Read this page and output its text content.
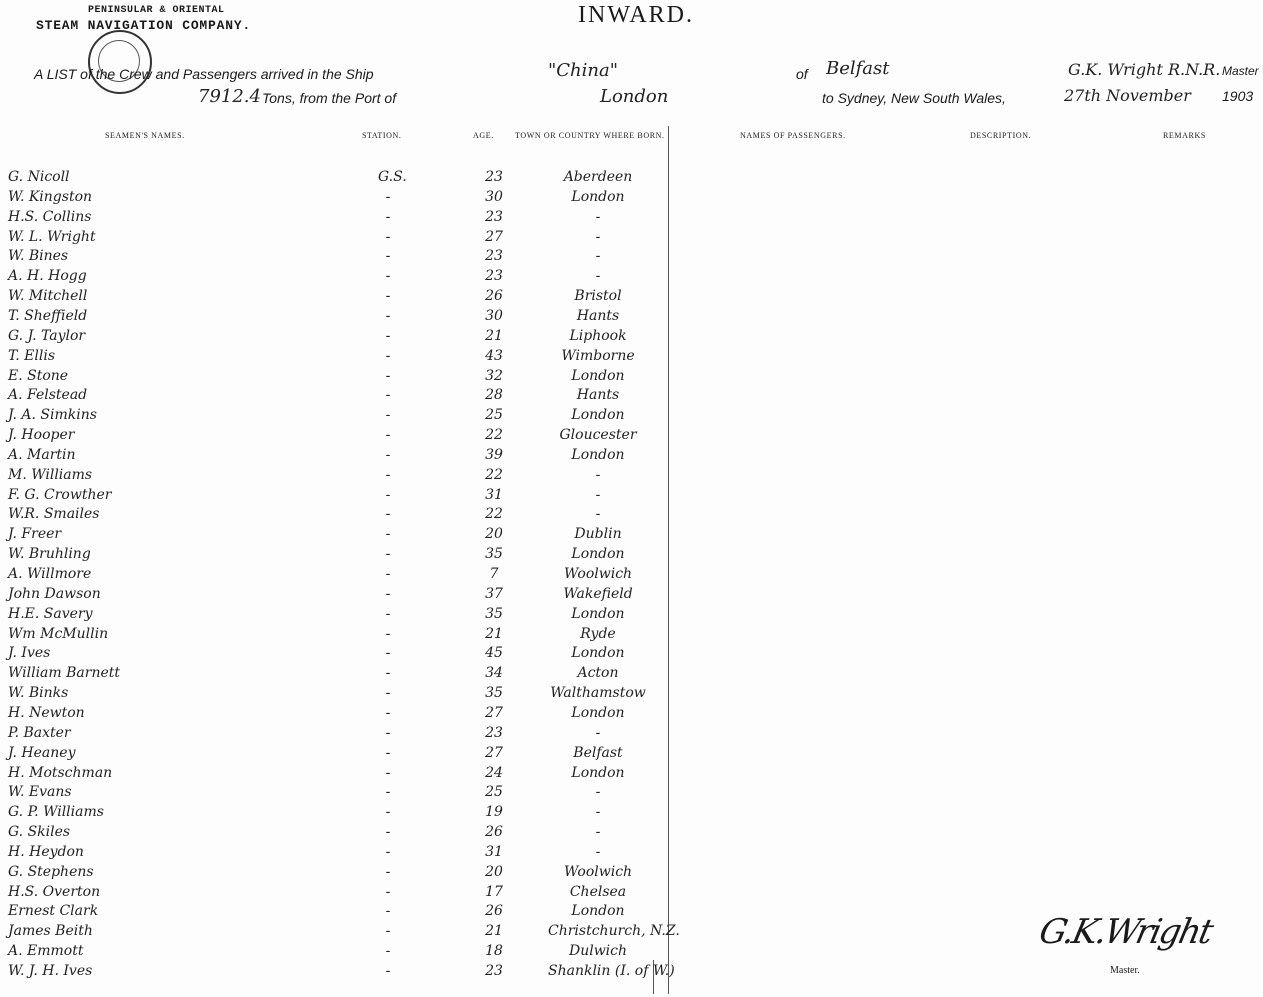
PENINSULAR & ORIENTAL
STEAM NAVIGATION COMPANY.	INWARD.
A LIST of the Crew and Passengers arrived in the Ship	"China"	of Belfast	G.K. Wright R.N.R. Master
7912.4 Tons, from the Port of	London	to Sydney, New South Wales,	27th November 1903
SEAMEN'S NAMES.	STATION.	AGE.	TOWN OR COUNTRY WHERE BORN.	NAMES OF PASSENGERS.	DESCRIPTION.	REMARKS
G. Nicoll	G.S.	23	Aberdeen
W. Kingston	-	30	London
H.S. Collins	-	23	-
W. L. Wright	-	27	-
W. Bines	-	23	-
A. H. Hogg	-	23	-
W. Mitchell	-	26	Bristol
T. Sheffield	-	30	Hants
G. J. Taylor	-	21	Liphook
T. Ellis	-	43	Wimborne
E. Stone	-	32	London
A. Felstead	-	28	Hants
J. A. Simkins	-	25	London
J. Hooper	-	22	Gloucester
A. Martin	-	39	London
M. Williams	-	22	-
F. G. Crowther	-	31	-
W.R. Smailes	-	22	-
J. Freer	-	20	Dublin
W. Bruhling	-	35	London
A. Willmore	-	7	Woolwich
John Dawson	-	37	Wakefield
H.E. Savery	-	35	London
Wm McMullin	-	21	Ryde
J. Ives	-	45	London
William Barnett	-	34	Acton
W. Binks	-	35	Walthamstow
H. Newton	-	27	London
P. Baxter	-	23	-
J. Heaney	-	27	Belfast
H. Motschman	-	24	London
W. Evans	-	25	-
G. P. Williams	-	19	-
G. Skiles	-	26	-
H. Heydon	-	31	-
G. Stephens	-	20	Woolwich
H.S. Overton	-	17	Chelsea
Ernest Clark	-	26	London
James Beith	-	21	Christchurch, N.Z.
A. Emmott	-	18	Dulwich
W. J. H. Ives	-	23	Shanklin (I. of W.)
G.K.Wright
Master.
